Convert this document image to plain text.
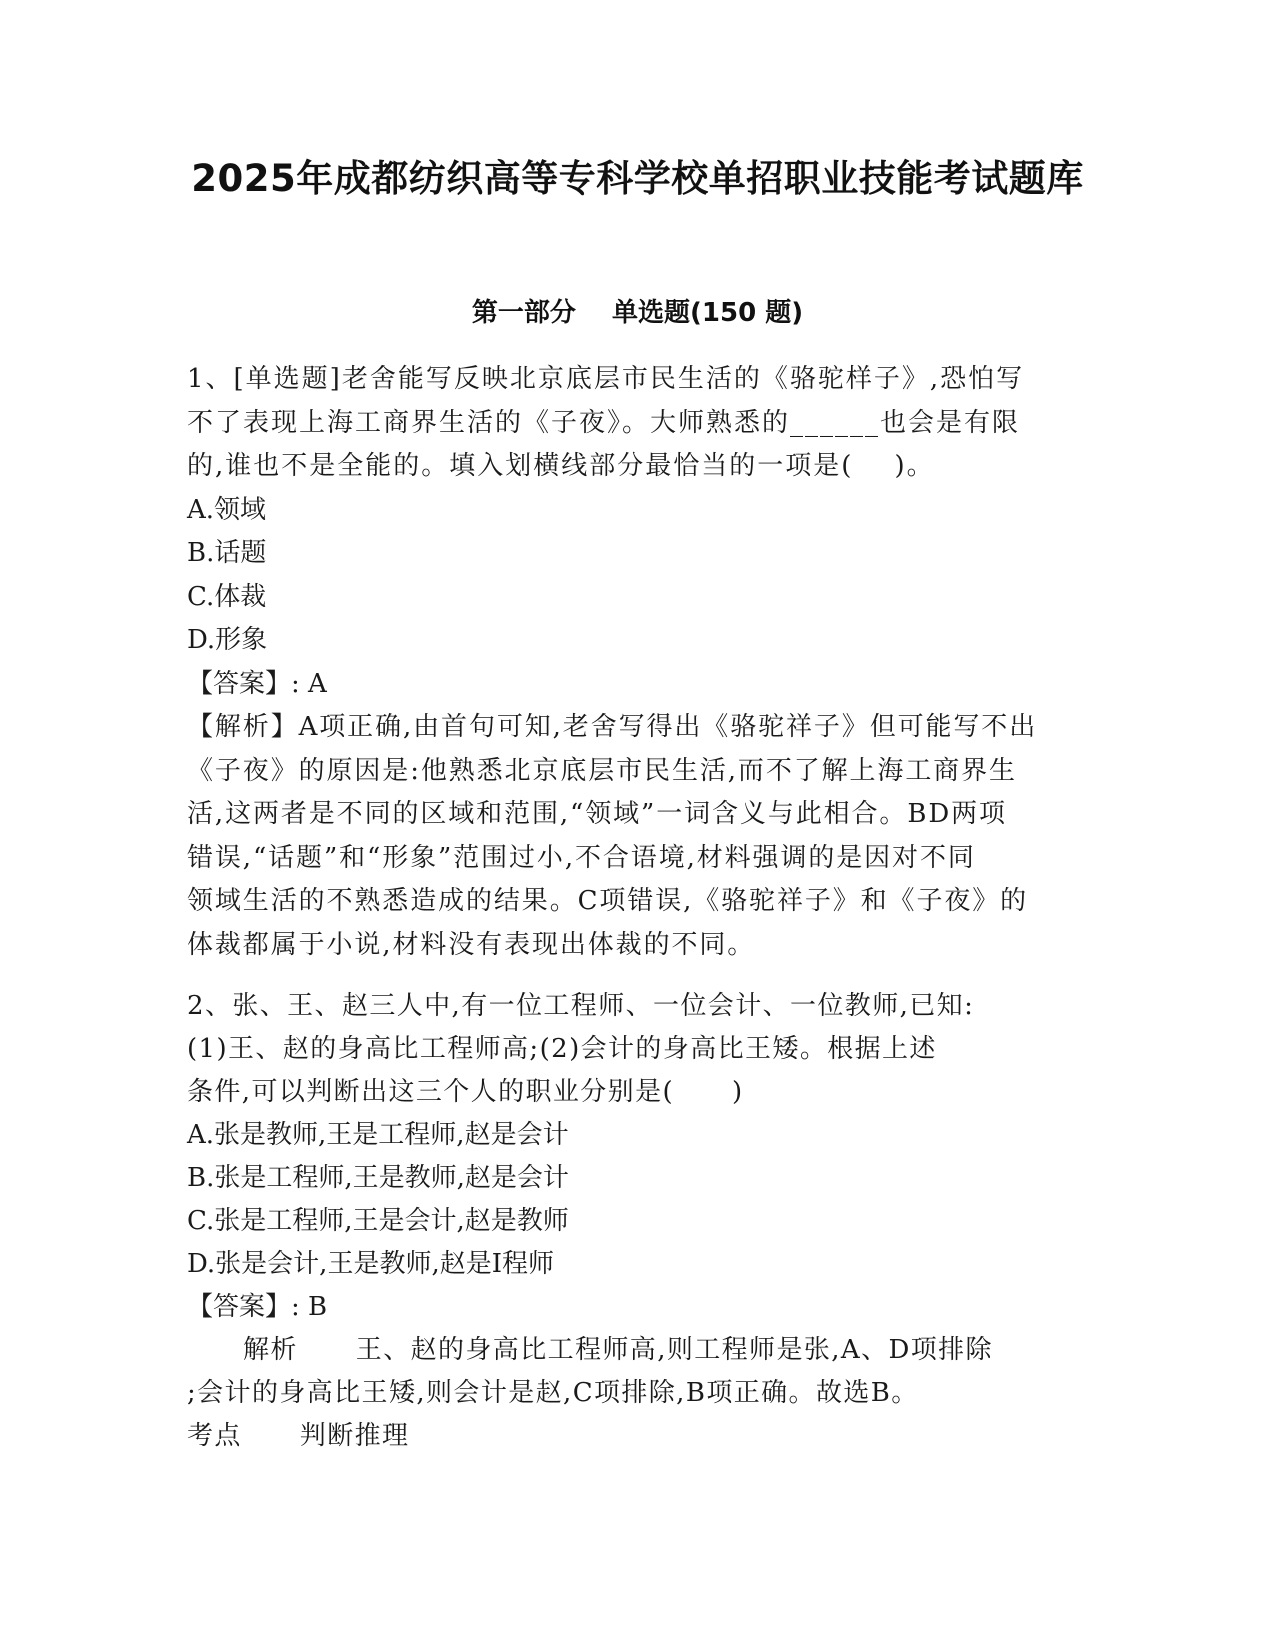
2025年成都纺织高等专科学校单招职业技能考试题库
第一部分    单选题(150 题)
1、[单选题]老舍能写反映北京底层市民生活的《骆驼样子》,恐怕写
不了表现上海工商界生活的《子夜》。大师熟悉的______也会是有限
的,谁也不是全能的。填入划横线部分最恰当的一项是(    )。
A.领域
B.话题
C.体裁
D.形象
【答案】: A
【解析】A项正确,由首句可知,老舍写得出《骆驼祥子》但可能写不出
《子夜》的原因是:他熟悉北京底层市民生活,而不了解上海工商界生
活,这两者是不同的区域和范围,“领域”一词含义与此相合。BD两项
错误,“话题”和“形象”范围过小,不合语境,材料强调的是因对不同
领域生活的不熟悉造成的结果。C项错误,《骆驼祥子》和《子夜》的
体裁都属于小说,材料没有表现出体裁的不同。
2、张、王、赵三人中,有一位工程师、一位会计、一位教师,已知:
(1)王、赵的身高比工程师高;(2)会计的身高比王矮。根据上述
条件,可以判断出这三个人的职业分别是(      )
A.张是教师,王是工程师,赵是会计
B.张是工程师,王是教师,赵是会计
C.张是工程师,王是会计,赵是教师
D.张是会计,王是教师,赵是I程师
【答案】: B
解析      王、赵的身高比工程师高,则工程师是张,A、D项排除
;会计的身高比王矮,则会计是赵,C项排除,B项正确。故选B。
考点      判断推理
